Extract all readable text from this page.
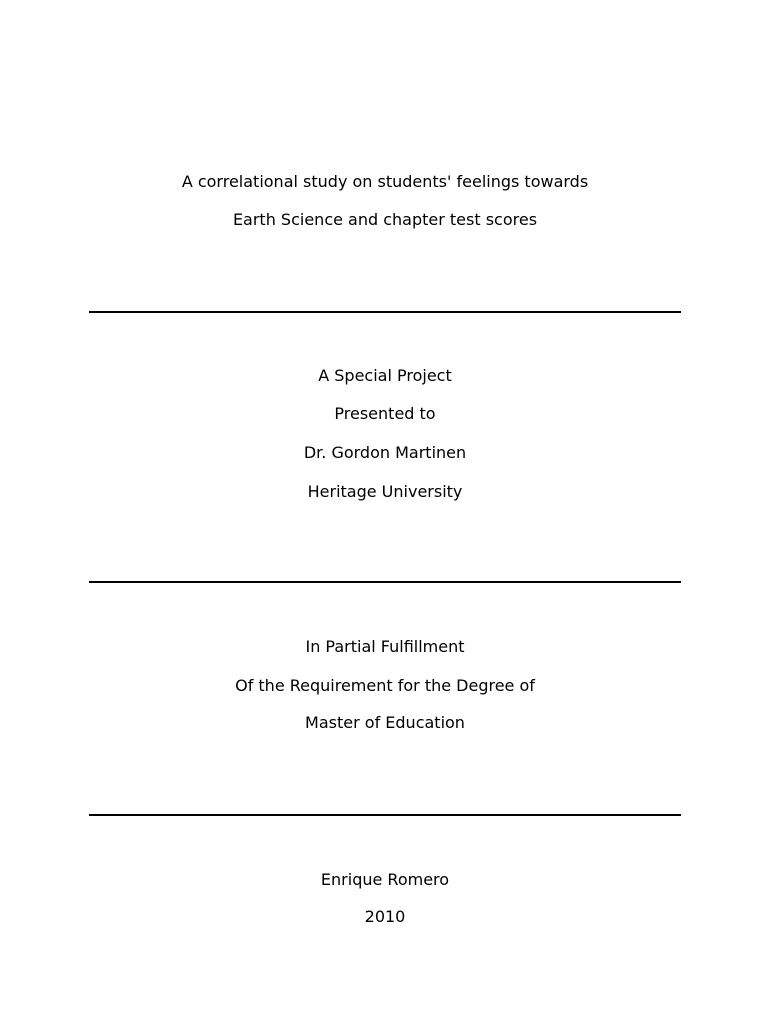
A correlational study on students' feelings towards
Earth Science and chapter test scores
A Special Project
Presented to
Dr. Gordon Martinen
Heritage University
In Partial Fulfillment
Of the Requirement for the Degree of
Master of Education
Enrique Romero
2010
